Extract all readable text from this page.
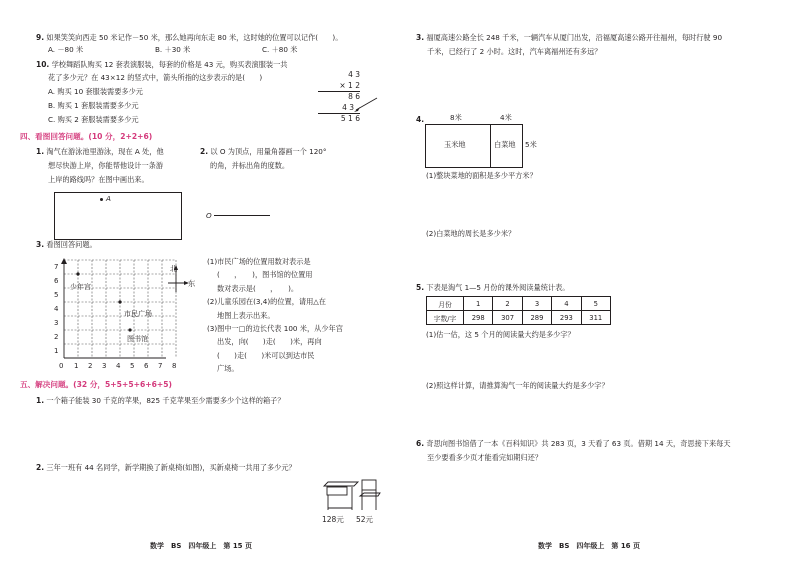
9. 如果笑笑向西走 50 米记作－50 米，那么她再向东走 80 米，这时她的位置可以记作(　　)。
A. －80 米	B. ＋30 米	C. ＋80 米
10. 学校舞蹈队购买 12 套表演服装，每套的价格是 43 元，购买表演服装一共
花了多少元？在 43×12 的竖式中，箭头所指的这步表示的是(　　)
A. 购买 10 套服装需要多少元
B. 购买 1 套服装需要多少元
C. 购买 2 套服装需要多少元
4 3
× 1 2
8 6
4 3
5 1 6
四、看图回答问题。(10 分，2+2+6)
1. 淘气在游泳池里游泳，现在 A 处，他
想尽快游上岸，你能帮他设计一条游
上岸的路线吗？在图中画出来。
A
2. 以 O 为顶点，用量角器画一个 120°
的角，并标出角的度数。
O
3. 看图回答问题。
7
6
5
4
3
2
1
0 1 2 3 4 5 6 7 8
少年宫
市民广场
图书馆
北
东
(1)市民广场的位置用数对表示是
(　　，　　)，图书馆的位置用
数对表示是(　　，　　)。
(2)儿童乐园在(3,4)的位置，请用△在
地图上表示出来。
(3)图中一□的边长代表 100 米，从少年宫
出发，向(　　)走(　　)米，再向
(　　)走(　　)米可以到达市民
广场。
五、解决问题。(32 分，5+5+5+6+6+5)
1. 一个箱子能装 30 千克的苹果，825 千克苹果至少需要多少个这样的箱子？
2. 三年一班有 44 名同学，新学期换了新桌椅(如图)，买新桌椅一共用了多少元？
128元 52元
数学　BS　四年级上　第 15 页
3. 福厦高速公路全长 248 千米，一辆汽车从厦门出发，沿福厦高速公路开往福州，每时行驶 90
千米，已经行了 2 小时。这时，汽车离福州还有多远？
4.	8米	4米
玉米地	白菜地 5米
(1)整块菜地的面积是多少平方米？
(2)白菜地的周长是多少米？
5. 下表是淘气 1—5 月份的课外阅读量统计表。
月份	1	2	3	4	5
字数/字	298	307	289	293	311
(1)估一估，这 5 个月的阅读量大约是多少字？
(2)照这样计算，请推算淘气一年的阅读量大约是多少字？
6. 奇思向图书馆借了一本《百科知识》共 283 页，3 天看了 63 页。借期 14 天，奇思接下来每天
至少要看多少页才能看完如期归还？
数学　BS　四年级上　第 16 页
